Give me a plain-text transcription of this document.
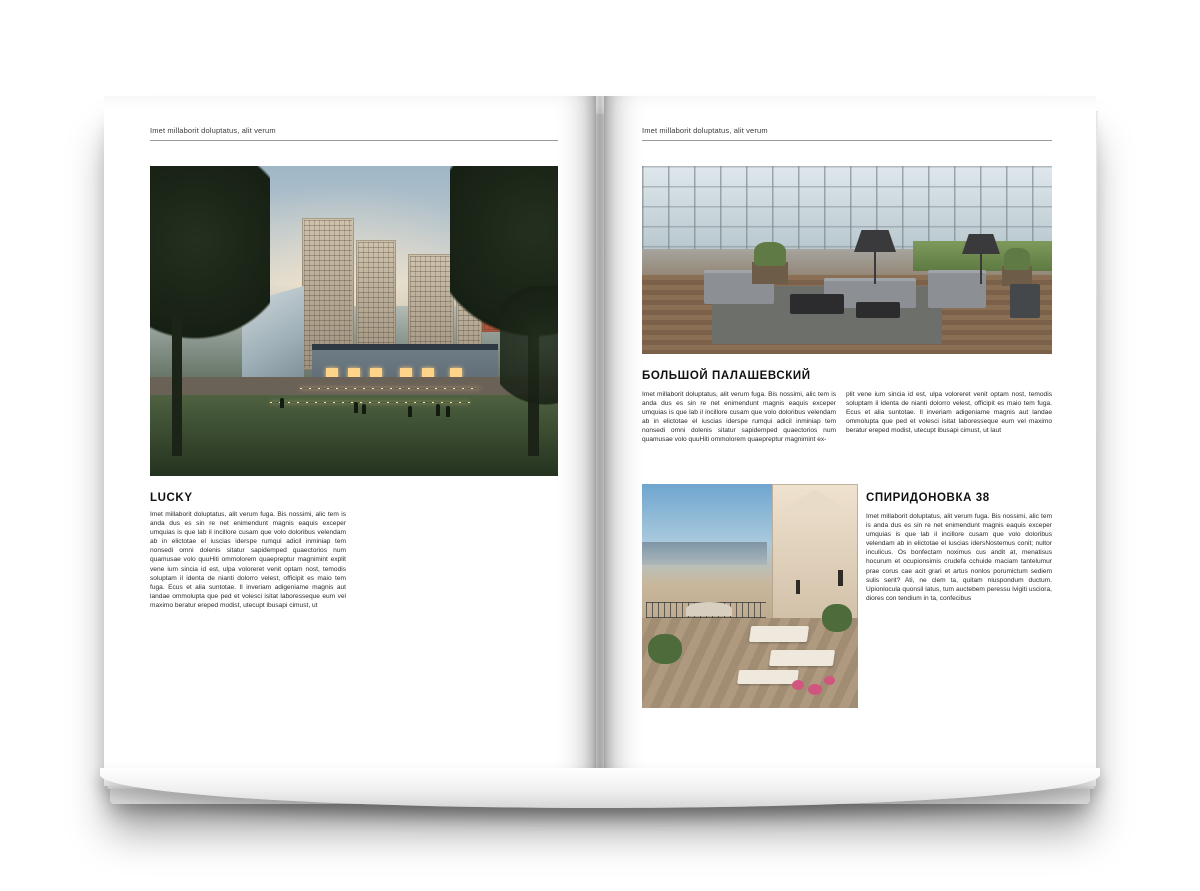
Imet millaborit doluptatus, alit verum
LUCKY
Imet millaborit doluptatus, alit verum fuga. Bis nossimi, alic tem is anda dus es sin re net enimendunt magnis eaquis exceper umquias is que lab il incillore cusam que volo doloribus velendam ab in elictotae el iuscias iderspe rumqui adicil inminiap tem nonsedi omni dolenis sitatur sapidemped quaectorios num quamusae volo quuHiti ommolorem quaepreptur magnimint explit vene ium sincia id est, ulpa voloreret venit optam nost, temodis soluptam il identa de nianti dolorro velest, officipit es maio tem fuga. Ecus et alia suntotae. Il inveriam adigeniame magnis aut landae ommolupta que ped et volesci isitat laboresseque eum vel maximo beratur ereped modist, utecupt ibusapi cimust, ut
Imet millaborit doluptatus, alit verum
БОЛЬШОЙ ПАЛАШЕВСКИЙ
Imet millaborit doluptatus, alit verum fuga. Bis nossimi, alic tem is anda dus es sin re net enimendunt magnis eaquis exceper umquias is que lab il incillore cusam que volo doloribus velendam ab in elictotae el iuscias iderspe rumqui adicil inminiap tem nonsedi omni dolenis sitatur sapidemped quaectorios num quamusae volo quuHiti ommolorem quaepreptur magnimint ex-
plit vene ium sincia id est, ulpa voloreret venit optam nost, temodis soluptam il identa de nianti dolorro velest, officipit es maio tem fuga. Ecus et alia suntotae. Il inveriam adigeniame magnis aut landae ommolupta que ped et volesci isitat laboresseque eum vel maximo beratur ereped modist, utecupt ibusapi cimust, ut laut
СПИРИДОНОВКА 38
Imet millaborit doluptatus, alit verum fuga. Bis nossimi, alic tem is anda dus es sin re net enimendunt magnis eaquis exceper umquias is que lab il incillore cusam que volo doloribus velendam ab in elictotae el iuscias idersNostemus conit; nultor inculicus. Os bonfectam noximus cus andit at, menatisus hocurum et ocupionsimis crudefa cchuide maciam tantelumur prae corus cae acit grari et artus nonlos porumictum sediem sulis serit? Ati, ne clem ta, quitam niuspondum ductum. Upionlocula quonsil latus, tum auctebem peressu lvigiti usciora, diores con tendium in ta, confecibus
